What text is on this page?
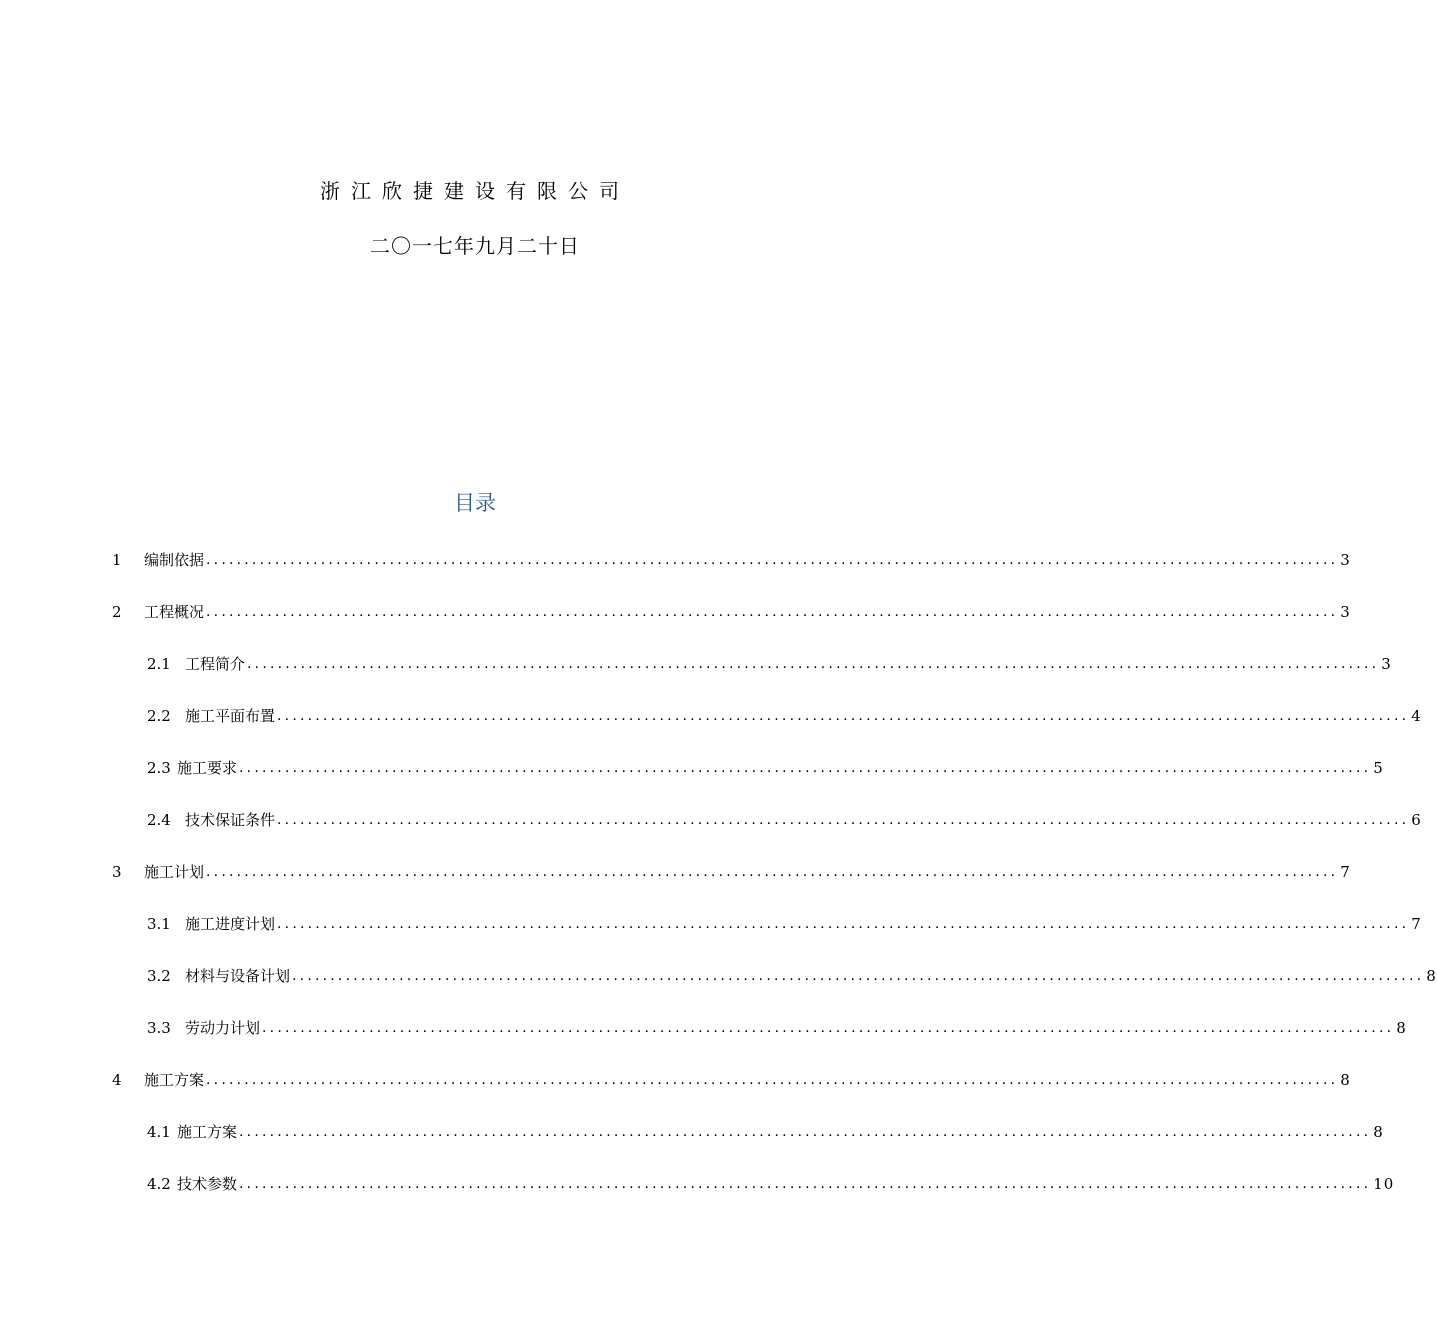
浙江欣捷建设有限公司
二〇一七年九月二十日
目录
1	编制依据 .................................................................................................................................................... 3
2	工程概况 .................................................................................................................................................... 3
2.1 工程简介 .................................................................................................................................................... 3
2.2 施工平面布置 .................................................................................................................................................... 4
2.3 施工要求 .................................................................................................................................................... 5
2.4 技术保证条件 .................................................................................................................................................... 6
3	施工计划 .................................................................................................................................................... 7
3.1 施工进度计划 .................................................................................................................................................... 7
3.2 材料与设备计划 .................................................................................................................................................... 8
3.3 劳动力计划 .................................................................................................................................................... 8
4	施工方案 .................................................................................................................................................... 8
4.1 施工方案 .................................................................................................................................................... 8
4.2 技术参数 .................................................................................................................................................... 10
